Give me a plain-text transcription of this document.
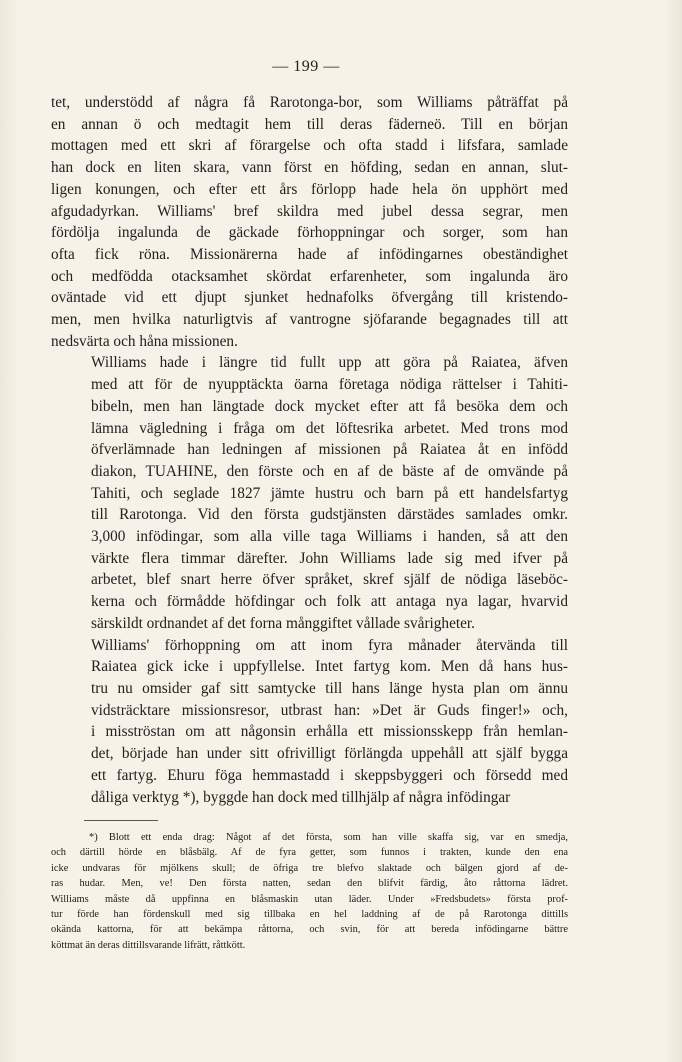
— 199 —

tet, understödd af några få Rarotonga-bor, som Williams påträffat på
en annan ö och medtagit hem till deras fäderneö. Till en början
mottagen med ett skri af förargelse och ofta stadd i lifsfara, samlade
han dock en liten skara, vann först en höfding, sedan en annan, slut-
ligen konungen, och efter ett års förlopp hade hela ön upphört med
afgudadyrkan. Williams' bref skildra med jubel dessa segrar, men
fördölja ingalunda de gäckade förhoppningar och sorger, som han
ofta fick röna. Missionärerna hade af infödingarnes obeständighet
och medfödda otacksamhet skördat erfarenheter, som ingalunda äro
oväntade vid ett djupt sjunket hednafolks öfvergång till kristendo-
men, men hvilka naturligtvis af vantrogne sjöfarande begagnades till att
nedsvärta och håna missionen.

Williams hade i längre tid fullt upp att göra på Raiatea, äfven
med att för de nyupptäckta öarna företaga nödiga rättelser i Tahiti-
bibeln, men han längtade dock mycket efter att få besöka dem och
lämna vägledning i fråga om det löftesrika arbetet. Med trons mod
öfverlämnade han ledningen af missionen på Raiatea åt en infödd
diakon, TUAHINE, den förste och en af de bäste af de omvände på
Tahiti, och seglade 1827 jämte hustru och barn på ett handelsfartyg
till Rarotonga. Vid den första gudstjänsten därstädes samlades omkr.
3,000 infödingar, som alla ville taga Williams i handen, så att den
värkte flera timmar därefter. John Williams lade sig med ifver på
arbetet, blef snart herre öfver språket, skref själf de nödiga läseböc-
kerna och förmådde höfdingar och folk att antaga nya lagar, hvarvid
särskildt ordnandet af det forna månggiftet vållade svårigheter.

Williams' förhoppning om att inom fyra månader återvända till
Raiatea gick icke i uppfyllelse. Intet fartyg kom. Men då hans hus-
tru nu omsider gaf sitt samtycke till hans länge hysta plan om ännu
vidsträcktare missionsresor, utbrast han: »Det är Guds finger!» och,
i misströstan om att någonsin erhålla ett missionsskepp från hemlan-
det, började han under sitt ofrivilligt förlängda uppehåll att själf bygga
ett fartyg. Ehuru föga hemmastadd i skeppsbyggeri och försedd med
dåliga verktyg *), byggde han dock med tillhjälp af några infödingar

*) Blott ett enda drag: Något af det första, som han ville skaffa sig, var en smedja,
och därtill hörde en blåsbälg. Af de fyra getter, som funnos i trakten, kunde den ena
icke undvaras för mjölkens skull; de öfriga tre blefvo slaktade och bälgen gjord af de-
ras hudar. Men, ve! Den första natten, sedan den blifvit färdig, åto råttorna lädret.
Williams måste då uppfinna en blåsmaskin utan läder. Under »Fredsbudets» första prof-
tur förde han fördenskull med sig tillbaka en hel laddning af de på Rarotonga dittills
okända kattorna, för att bekämpa råttorna, och svin, för att bereda infödingarne bättre
köttmat än deras dittillsvarande lifrätt, råttkött.
